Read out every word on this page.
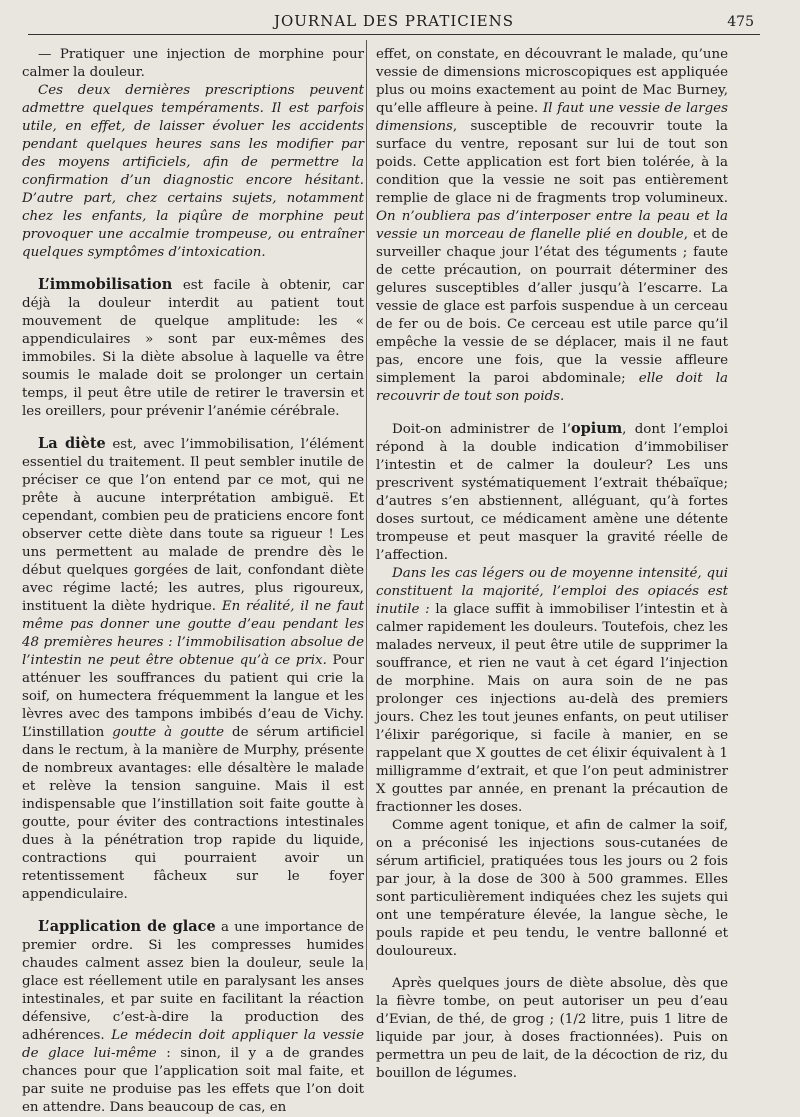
JOURNAL DES PRATICIENS	475

— Pratiquer une injection de morphine pour calmer la douleur.

Ces deux dernières prescriptions peuvent admettre quelques tempéraments. Il est parfois utile, en effet, de laisser évoluer les accidents pendant quelques heures sans les modifier par des moyens artificiels, afin de permettre la confirmation d’un diagnostic encore hésitant. D’autre part, chez certains sujets, notamment chez les enfants, la piqûre de morphine peut provoquer une accalmie trompeuse, ou entraîner quelques symptômes d’intoxication.

L’immobilisation est facile à obtenir, car déjà la douleur interdit au patient tout mouvement de quelque amplitude: les « appendiculaires » sont par eux-mêmes des immobiles. Si la diète absolue à laquelle va être soumis le malade doit se prolonger un certain temps, il peut être utile de retirer le traversin et les oreillers, pour prévenir l’anémie cérébrale.

La diète est, avec l’immobilisation, l’élément essentiel du traitement. Il peut sembler inutile de préciser ce que l’on entend par ce mot, qui ne prête à aucune interprétation ambiguë. Et cependant, combien peu de praticiens encore font observer cette diète dans toute sa rigueur ! Les uns permettent au malade de prendre dès le début quelques gorgées de lait, confondant diète avec régime lacté; les autres, plus rigoureux, instituent la diète hydrique. En réalité, il ne faut même pas donner une goutte d’eau pendant les 48 premières heures : l’immobilisation absolue de l’intestin ne peut être obtenue qu’à ce prix. Pour atténuer les souffrances du patient qui crie la soif, on humectera fréquemment la langue et les lèvres avec des tampons imbibés d’eau de Vichy. L’instillation goutte à goutte de sérum artificiel dans le rectum, à la manière de Murphy, présente de nombreux avantages: elle désaltère le malade et relève la tension sanguine. Mais il est indispensable que l’instillation soit faite goutte à goutte, pour éviter des contractions intestinales dues à la pénétration trop rapide du liquide, contractions qui pourraient avoir un retentissement fâcheux sur le foyer appendiculaire.

L’application de glace a une importance de premier ordre. Si les compresses humides chaudes calment assez bien la douleur, seule la glace est réellement utile en paralysant les anses intestinales, et par suite en facilitant la réaction défensive, c’est-à-dire la production des adhérences. Le médecin doit appliquer la vessie de glace lui-même : sinon, il y a de grandes chances pour que l’application soit mal faite, et par suite ne produise pas les effets que l’on doit en attendre. Dans beaucoup de cas, en

effet, on constate, en découvrant le malade, qu’une vessie de dimensions microscopiques est appliquée plus ou moins exactement au point de Mac Burney, qu’elle affleure à peine. Il faut une vessie de larges dimensions, susceptible de recouvrir toute la surface du ventre, reposant sur lui de tout son poids. Cette application est fort bien tolérée, à la condition que la vessie ne soit pas entièrement remplie de glace ni de fragments trop volumineux. On n’oubliera pas d’interposer entre la peau et la vessie un morceau de flanelle plié en double, et de surveiller chaque jour l’état des téguments ; faute de cette précaution, on pourrait déterminer des gelures susceptibles d’aller jusqu’à l’escarre. La vessie de glace est parfois suspendue à un cerceau de fer ou de bois. Ce cerceau est utile parce qu’il empêche la vessie de se déplacer, mais il ne faut pas, encore une fois, que la vessie affleure simplement la paroi abdominale; elle doit la recouvrir de tout son poids.

Doit-on administrer de l’opium, dont l’emploi répond à la double indication d’immobiliser l’intestin et de calmer la douleur? Les uns prescrivent systématiquement l’extrait thébaïque; d’autres s’en abstiennent, alléguant, qu’à fortes doses surtout, ce médicament amène une détente trompeuse et peut masquer la gravité réelle de l’affection.

Dans les cas légers ou de moyenne intensité, qui constituent la majorité, l’emploi des opiacés est inutile : la glace suffit à immobiliser l’intestin et à calmer rapidement les douleurs. Toutefois, chez les malades nerveux, il peut être utile de supprimer la souffrance, et rien ne vaut à cet égard l’injection de morphine. Mais on aura soin de ne pas prolonger ces injections au-delà des premiers jours. Chez les tout jeunes enfants, on peut utiliser l’élixir parégorique, si facile à manier, en se rappelant que X gouttes de cet élixir équivalent à 1 milligramme d’extrait, et que l’on peut administrer X gouttes par année, en prenant la précaution de fractionner les doses.

Comme agent tonique, et afin de calmer la soif, on a préconisé les injections sous-cutanées de sérum artificiel, pratiquées tous les jours ou 2 fois par jour, à la dose de 300 à 500 grammes. Elles sont particulièrement indiquées chez les sujets qui ont une température élevée, la langue sèche, le pouls rapide et peu tendu, le ventre ballonné et douloureux.

Après quelques jours de diète absolue, dès que la fièvre tombe, on peut autoriser un peu d’eau d’Evian, de thé, de grog ; (1/2 litre, puis 1 litre de liquide par jour, à doses fractionnées). Puis on permettra un peu de lait, de la décoction de riz, du bouillon de légumes.
